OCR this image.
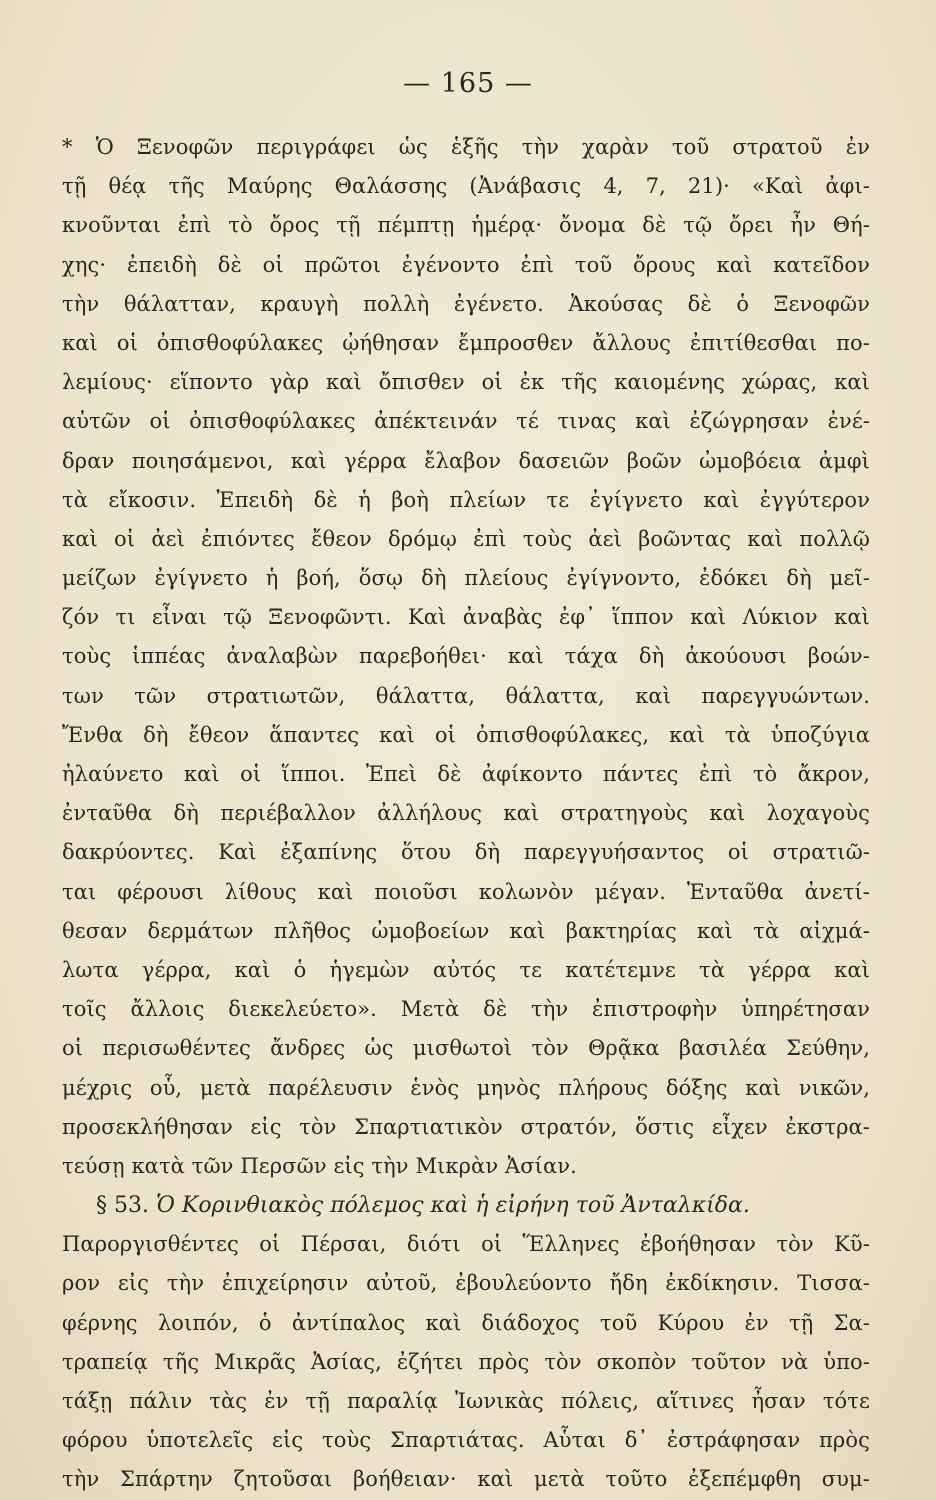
— 165 —
* Ὁ Ξενοφῶν περιγράφει ὡς ἑξῆς τὴν χαρὰν τοῦ στρατοῦ ἐν
τῇ θέᾳ τῆς Μαύρης Θαλάσσης (Ἀνάβασις 4, 7, 21)· «Καὶ ἀφι-
κνοῦνται ἐπὶ τὸ ὄρος τῇ πέμπτῃ ἡμέρᾳ· ὄνομα δὲ τῷ ὄρει ἦν Θή-
χης· ἐπειδὴ δὲ οἱ πρῶτοι ἐγένοντο ἐπὶ τοῦ ὄρους καὶ κατεῖδον
τὴν θάλατταν, κραυγὴ πολλὴ ἐγένετο. Ἀκούσας δὲ ὁ Ξενοφῶν
καὶ οἱ ὀπισθοφύλακες ᾠήθησαν ἔμπροσθεν ἄλλους ἐπιτίθεσθαι πο-
λεμίους· εἵποντο γὰρ καὶ ὄπισθεν οἱ ἐκ τῆς καιομένης χώρας, καὶ
αὐτῶν οἱ ὀπισθοφύλακες ἀπέκτεινάν τέ τινας καὶ ἐζώγρησαν ἐνέ-
δραν ποιησάμενοι, καὶ γέρρα ἔλαβον δασειῶν βοῶν ὠμοβόεια ἀμφὶ
τὰ εἴκοσιν. Ἐπειδὴ δὲ ἡ βοὴ πλείων τε ἐγίγνετο καὶ ἐγγύτερον
καὶ οἱ ἀεὶ ἐπιόντες ἔθεον δρόμῳ ἐπὶ τοὺς ἀεὶ βοῶντας καὶ πολλῷ
μείζων ἐγίγνετο ἡ βοή, ὅσῳ δὴ πλείους ἐγίγνοντο, ἐδόκει δὴ μεῖ-
ζόν τι εἶναι τῷ Ξενοφῶντι. Καὶ ἀναβὰς ἐφ᾿ ἵππον καὶ Λύκιον καὶ
τοὺς ἱππέας ἀναλαβὼν παρεβοήθει· καὶ τάχα δὴ ἀκούουσι βοών-
των τῶν στρατιωτῶν, θάλαττα, θάλαττα, καὶ παρεγγυώντων.
Ἔνθα δὴ ἔθεον ἅπαντες καὶ οἱ ὀπισθοφύλακες, καὶ τὰ ὑποζύγια
ἠλαύνετο καὶ οἱ ἵπποι. Ἐπεὶ δὲ ἀφίκοντο πάντες ἐπὶ τὸ ἄκρον,
ἐνταῦθα δὴ περιέβαλλον ἀλλήλους καὶ στρατηγοὺς καὶ λοχαγοὺς
δακρύοντες. Καὶ ἐξαπίνης ὅτου δὴ παρεγγυήσαντος οἱ στρατιῶ-
ται φέρουσι λίθους καὶ ποιοῦσι κολωνὸν μέγαν. Ἐνταῦθα ἀνετί-
θεσαν δερμάτων πλῆθος ὠμοβοείων καὶ βακτηρίας καὶ τὰ αἰχμά-
λωτα γέρρα, καὶ ὁ ἡγεμὼν αὐτός τε κατέτεμνε τὰ γέρρα καὶ
τοῖς ἄλλοις διεκελεύετο». Μετὰ δὲ τὴν ἐπιστροφὴν ὑπηρέτησαν
οἱ περισωθέντες ἄνδρες ὡς μισθωτοὶ τὸν Θρᾷκα βασιλέα Σεύθην,
μέχρις οὗ, μετὰ παρέλευσιν ἑνὸς μηνὸς πλήρους δόξης καὶ νικῶν,
προσεκλήθησαν εἰς τὸν Σπαρτιατικὸν στρατόν, ὅστις εἶχεν ἐκστρα-
τεύσῃ κατὰ τῶν Περσῶν εἰς τὴν Μικρὰν Ἀσίαν.
§ 53. Ὁ Κορινθιακὸς πόλεμος καὶ ἡ εἰρήνη τοῦ Ἀνταλκίδα.
Παροργισθέντες οἱ Πέρσαι, διότι οἱ Ἕλληνες ἐβοήθησαν τὸν Κῦ-
ρον εἰς τὴν ἐπιχείρησιν αὐτοῦ, ἐβουλεύοντο ἤδη ἐκδίκησιν. Τισσα-
φέρνης λοιπόν, ὁ ἀντίπαλος καὶ διάδοχος τοῦ Κύρου ἐν τῇ Σα-
τραπείᾳ τῆς Μικρᾶς Ἀσίας, ἐζήτει πρὸς τὸν σκοπὸν τοῦτον νὰ ὑπο-
τάξῃ πάλιν τὰς ἐν τῇ παραλίᾳ Ἰωνικὰς πόλεις, αἵτινες ἦσαν τότε
φόρου ὑποτελεῖς εἰς τοὺς Σπαρτιάτας. Αὗται δ᾿ ἐστράφησαν πρὸς
τὴν Σπάρτην ζητοῦσαι βοήθειαν· καὶ μετὰ τοῦτο ἐξεπέμφθη συμ-
